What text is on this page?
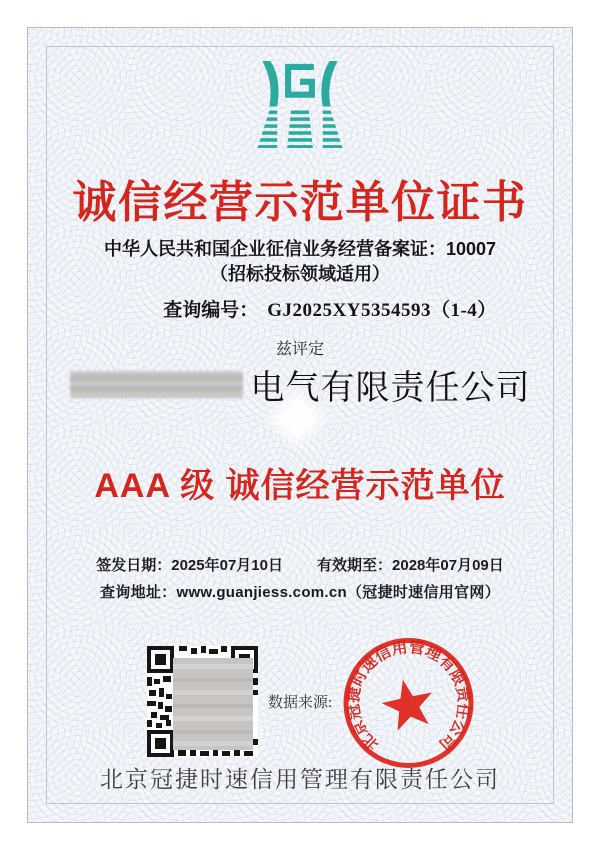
诚信经营示范单位证书
中华人民共和国企业征信业务经营备案证：10007
（招标投标领域适用）
查询编号： GJ2025XY5354593（1-4）
兹评定
电气有限责任公司
AAA 级 诚信经营示范单位
签发日期：2025年07月10日 有效期至：2028年07月09日
查询地址：www.guanjiess.com.cn（冠捷时速信用官网）
数据来源:
北京冠捷时速信用管理有限责任公司
北京冠捷时速信用管理有限责任公司
